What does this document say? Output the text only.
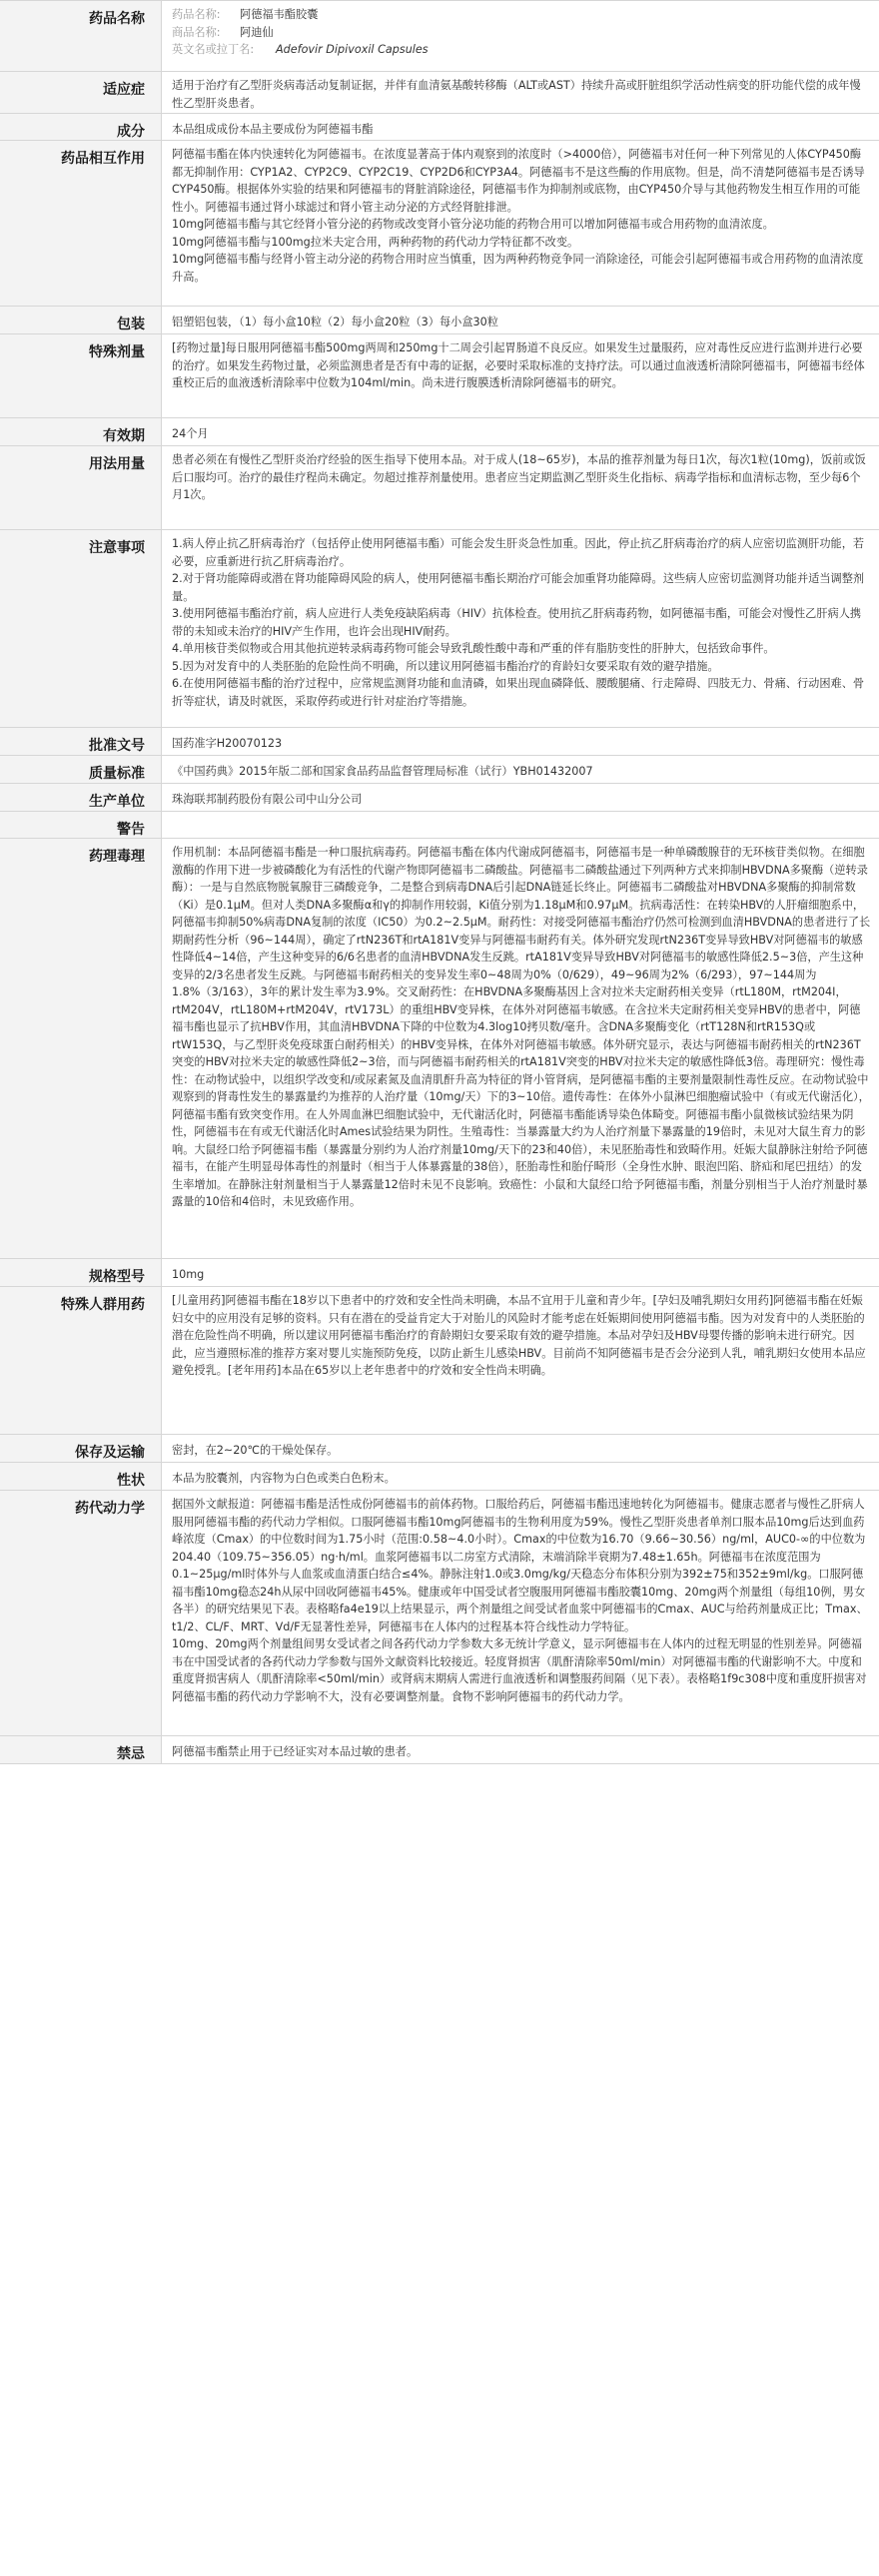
药品名称	药品名称: 阿德福韦酯胶囊
商品名称: 阿迪仙
英文名或拉丁名: Adefovir Dipivoxil Capsules
适应症	适用于治疗有乙型肝炎病毒活动复制证据，并伴有血清氨基酸转移酶（ALT或AST）持续升高或肝脏组织学活动性病变的肝功能代偿的成年慢性乙型肝炎患者。

成分	本品组成成份本品主要成份为阿德福韦酯

药品相互作用	阿德福韦酯在体内快速转化为阿德福韦。在浓度显著高于体内观察到的浓度时（>4000倍），阿德福韦对任何一种下列常见的人体CYP450酶都无抑制作用：CYP1A2、CYP2C9、CYP2C19、CYP2D6和CYP3A4。阿德福韦不是这些酶的作用底物。但是，尚不清楚阿德福韦是否诱导CYP450酶。根据体外实验的结果和阿德福韦的肾脏消除途径，阿德福韦作为抑制剂或底物，由CYP450介导与其他药物发生相互作用的可能性小。阿德福韦通过肾小球滤过和肾小管主动分泌的方式经肾脏排泄。

10mg阿德福韦酯与其它经肾小管分泌的药物或改变肾小管分泌功能的药物合用可以增加阿德福韦或合用药物的血清浓度。

10mg阿德福韦酯与100mg拉米夫定合用，两种药物的药代动力学特征都不改变。

10mg阿德福韦酯与经肾小管主动分泌的药物合用时应当慎重，因为两种药物竞争同一消除途径，可能会引起阿德福韦或合用药物的血清浓度升高。

包装	铝塑铝包装，（1）每小盒10粒（2）每小盒20粒（3）每小盒30粒

特殊剂量	[药物过量]每日服用阿德福韦酯500mg两周和250mg十二周会引起胃肠道不良反应。如果发生过量服药，应对毒性反应进行监测并进行必要的治疗。如果发生药物过量，必须监测患者是否有中毒的证据，必要时采取标准的支持疗法。可以通过血液透析清除阿德福韦，阿德福韦经体重校正后的血液透析清除率中位数为104ml/min。尚未进行腹膜透析清除阿德福韦的研究。

有效期	24个月

用法用量	患者必须在有慢性乙型肝炎治疗经验的医生指导下使用本品。对于成人(18~65岁)，本品的推荐剂量为每日1次，每次1粒(10mg)，饭前或饭后口服均可。治疗的最佳疗程尚未确定。勿超过推荐剂量使用。患者应当定期监测乙型肝炎生化指标、病毒学指标和血清标志物，至少每6个月1次。

注意事项	1.病人停止抗乙肝病毒治疗（包括停止使用阿德福韦酯）可能会发生肝炎急性加重。因此，停止抗乙肝病毒治疗的病人应密切监测肝功能，若必要，应重新进行抗乙肝病毒治疗。

2.对于肾功能障碍或潜在肾功能障碍风险的病人，使用阿德福韦酯长期治疗可能会加重肾功能障碍。这些病人应密切监测肾功能并适当调整剂量。

3.使用阿德福韦酯治疗前，病人应进行人类免疫缺陷病毒（HIV）抗体检查。使用抗乙肝病毒药物，如阿德福韦酯，可能会对慢性乙肝病人携带的未知或未治疗的HIV产生作用，也许会出现HIV耐药。

4.单用核苷类似物或合用其他抗逆转录病毒药物可能会导致乳酸性酸中毒和严重的伴有脂肪变性的肝肿大，包括致命事件。

5.因为对发育中的人类胚胎的危险性尚不明确，所以建议用阿德福韦酯治疗的育龄妇女要采取有效的避孕措施。

6.在使用阿德福韦酯的治疗过程中，应常规监测肾功能和血清磷，如果出现血磷降低、腰酸腿痛、行走障碍、四肢无力、骨痛、行动困难、骨折等症状，请及时就医，采取停药或进行针对症治疗等措施。

批准文号	国药准字H20070123

质量标准	《中国药典》2015年版二部和国家食品药品监督管理局标准（试行）YBH01432007

生产单位	珠海联邦制药股份有限公司中山分公司

警告

药理毒理	作用机制：本品阿德福韦酯是一种口服抗病毒药。阿德福韦酯在体内代谢成阿德福韦，阿德福韦是一种单磷酸腺苷的无环核苷类似物。在细胞激酶的作用下进一步被磷酸化为有活性的代谢产物即阿德福韦二磷酸盐。阿德福韦二磷酸盐通过下列两种方式来抑制HBVDNA多聚酶（逆转录酶）：一是与自然底物脱氧腺苷三磷酸竞争，二是整合到病毒DNA后引起DNA链延长终止。阿德福韦二磷酸盐对HBVDNA多聚酶的抑制常数（Ki）是0.1μM。但对人类DNA多聚酶α和γ的抑制作用较弱，Ki值分别为1.18μM和0.97μM。抗病毒活性：在转染HBV的人肝瘤细胞系中，阿德福韦抑制50%病毒DNA复制的浓度（IC50）为0.2~2.5μM。耐药性：对接受阿德福韦酯治疗仍然可检测到血清HBVDNA的患者进行了长期耐药性分析（96~144周），确定了rtN236T和rtA181V变异与阿德福韦耐药有关。体外研究发现rtN236T变异导致HBV对阿德福韦的敏感性降低4~14倍，产生这种变异的6/6名患者的血清HBVDNA发生反跳。rtA181V变异导致HBV对阿德福韦的敏感性降低2.5~3倍，产生这种变异的2/3名患者发生反跳。与阿德福韦耐药相关的变异发生率0~48周为0%（0/629），49~96周为2%（6/293），97~144周为1.8%（3/163），3年的累计发生率为3.9%。交叉耐药性：在HBVDNA多聚酶基因上含对拉米夫定耐药相关变异（rtL180M，rtM204I，rtM204V，rtL180M+rtM204V，rtV173L）的重组HBV变异株，在体外对阿德福韦敏感。在含拉米夫定耐药相关变异HBV的患者中，阿德福韦酯也显示了抗HBV作用，其血清HBVDNA下降的中位数为4.3log10拷贝数/毫升。含DNA多聚酶变化（rtT128N和rtR153Q或rtW153Q，与乙型肝炎免疫球蛋白耐药相关）的HBV变异株，在体外对阿德福韦敏感。体外研究显示，表达与阿德福韦耐药相关的rtN236T突变的HBV对拉米夫定的敏感性降低2~3倍，而与阿德福韦耐药相关的rtA181V突变的HBV对拉米夫定的敏感性降低3倍。毒理研究：慢性毒性：在动物试验中，以组织学改变和/或尿素氮及血清肌酐升高为特征的肾小管肾病，是阿德福韦酯的主要剂量限制性毒性反应。在动物试验中观察到的肾毒性发生的暴露量约为推荐的人治疗量（10mg/天）下的3~10倍。遗传毒性：在体外小鼠淋巴细胞瘤试验中（有或无代谢活化），阿德福韦酯有致突变作用。在人外周血淋巴细胞试验中，无代谢活化时，阿德福韦酯能诱导染色体畸变。阿德福韦酯小鼠微核试验结果为阴性，阿德福韦在有或无代谢活化时Ames试验结果为阴性。生殖毒性：当暴露量大约为人治疗剂量下暴露量的19倍时，未见对大鼠生育力的影响。大鼠经口给予阿德福韦酯（暴露量分别约为人治疗剂量10mg/天下的23和40倍），未见胚胎毒性和致畸作用。妊娠大鼠静脉注射给予阿德福韦，在能产生明显母体毒性的剂量时（相当于人体暴露量的38倍），胚胎毒性和胎仔畸形（全身性水肿、眼泡凹陷、脐疝和尾巴扭结）的发生率增加。在静脉注射剂量相当于人暴露量12倍时未见不良影响。致癌性：小鼠和大鼠经口给予阿德福韦酯，剂量分别相当于人治疗剂量时暴露量的10倍和4倍时，未见致癌作用。

规格型号	10mg

特殊人群用药	[儿童用药]阿德福韦酯在18岁以下患者中的疗效和安全性尚未明确，本品不宜用于儿童和青少年。[孕妇及哺乳期妇女用药]阿德福韦酯在妊娠妇女中的应用没有足够的资料。只有在潜在的受益肯定大于对胎儿的风险时才能考虑在妊娠期间使用阿德福韦酯。因为对发育中的人类胚胎的潜在危险性尚不明确，所以建议用阿德福韦酯治疗的育龄期妇女要采取有效的避孕措施。本品对孕妇及HBV母婴传播的影响未进行研究。因此，应当遵照标准的推荐方案对婴儿实施预防免疫，以防止新生儿感染HBV。目前尚不知阿德福韦是否会分泌到人乳，哺乳期妇女使用本品应避免授乳。[老年用药]本品在65岁以上老年患者中的疗效和安全性尚未明确。

保存及运输	密封，在2~20℃的干燥处保存。

性状	本品为胶囊剂，内容物为白色或类白色粉末。

药代动力学	据国外文献报道：阿德福韦酯是活性成份阿德福韦的前体药物。口服给药后，阿德福韦酯迅速地转化为阿德福韦。健康志愿者与慢性乙肝病人服用阿德福韦酯的药代动力学相似。口服阿德福韦酯10mg阿德福韦的生物利用度为59%。慢性乙型肝炎患者单剂口服本品10mg后达到血药峰浓度（Cmax）的中位数时间为1.75小时（范围:0.58~4.0小时）。Cmax的中位数为16.70（9.66~30.56）ng/ml，AUC0-∞的中位数为204.40（109.75~356.05）ng·h/ml。血浆阿德福韦以二房室方式清除，末端消除半衰期为7.48±1.65h。阿德福韦在浓度范围为0.1~25μg/ml时体外与人血浆或血清蛋白结合≤4%。静脉注射1.0或3.0mg/kg/天稳态分布体积分别为392±75和352±9ml/kg。口服阿德福韦酯10mg稳态24h从尿中回收阿德福韦45%。健康或年中国受试者空腹服用阿德福韦酯胶囊10mg、20mg两个剂量组（每组10例，男女各半）的研究结果见下表。表格略fa4e19以上结果显示，两个剂量组之间受试者血浆中阿德福韦的Cmax、AUC与给药剂量成正比；Tmax、t1/2、CL/F、MRT、Vd/F无显著性差异，阿德福韦在人体内的过程基本符合线性动力学特征。

10mg、20mg两个剂量组间男女受试者之间各药代动力学参数大多无统计学意义，显示阿德福韦在人体内的过程无明显的性别差异。阿德福韦在中国受试者的各药代动力学参数与国外文献资料比较接近。轻度肾损害（肌酐清除率50ml/min）对阿德福韦酯的代谢影响不大。中度和重度肾损害病人（肌酐清除率<50ml/min）或肾病末期病人需进行血液透析和调整服药间隔（见下表）。表格略1f9c308中度和重度肝损害对阿德福韦酯的药代动力学影响不大，没有必要调整剂量。食物不影响阿德福韦的药代动力学。

禁忌	阿德福韦酯禁止用于已经证实对本品过敏的患者。
